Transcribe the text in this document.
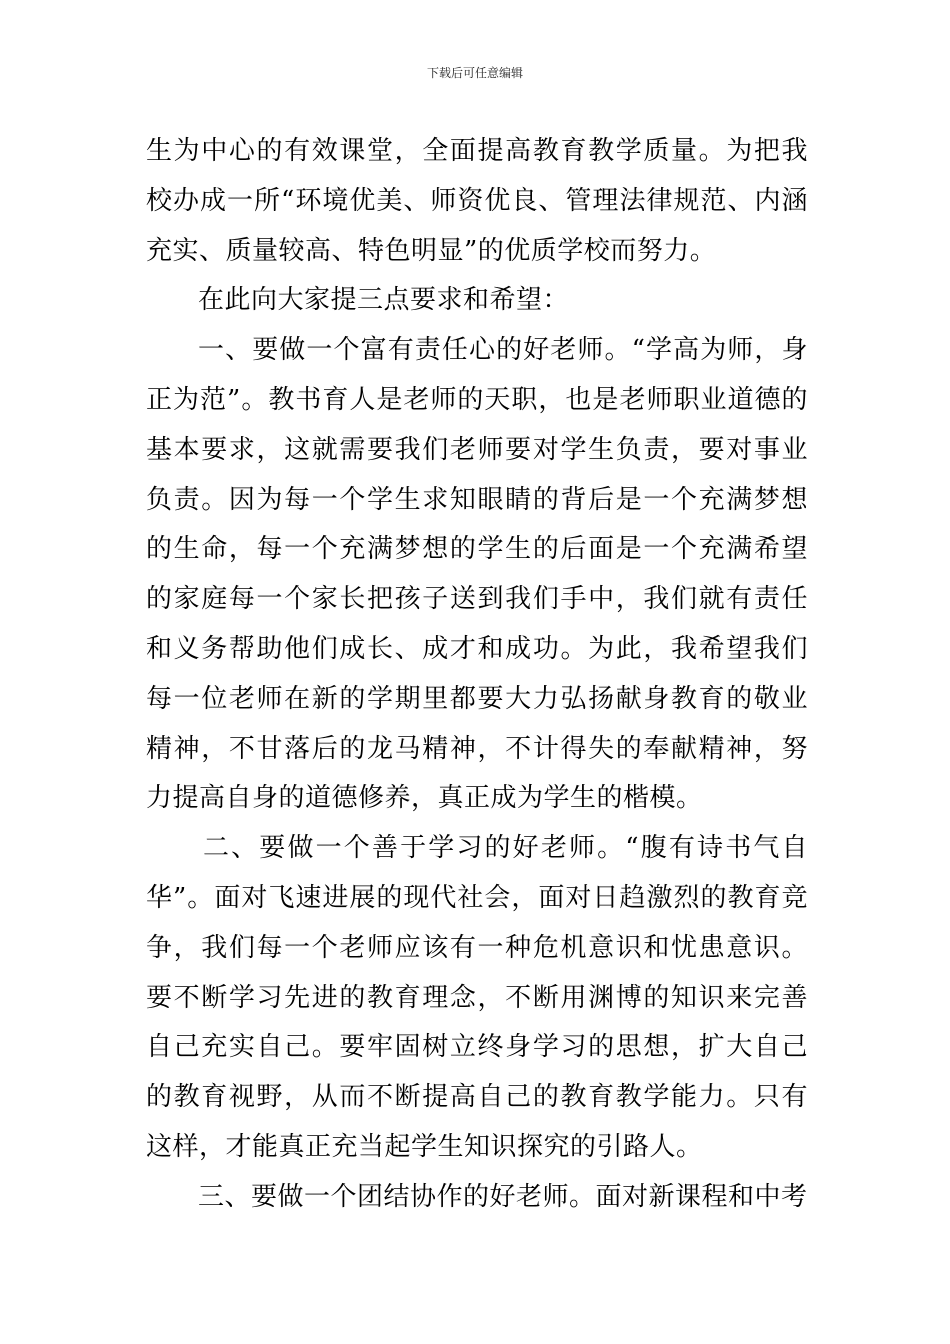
下载后可任意编辑

生为中心的有效课堂，全面提高教育教学质量。为把我校办成一所“环境优美、师资优良、管理法律规范、内涵充实、质量较高、特色明显”的优质学校而努力。

在此向大家提三点要求和希望：

一、要做一个富有责任心的好老师。“学高为师，身正为范”。教书育人是老师的天职，也是老师职业道德的基本要求，这就需要我们老师要对学生负责，要对事业负责。因为每一个学生求知眼睛的背后是一个充满梦想的生命，每一个充满梦想的学生的后面是一个充满希望的家庭每一个家长把孩子送到我们手中，我们就有责任和义务帮助他们成长、成才和成功。为此，我希望我们每一位老师在新的学期里都要大力弘扬献身教育的敬业精神，不甘落后的龙马精神，不计得失的奉献精神，努力提高自身的道德修养，真正成为学生的楷模。

二、要做一个善于学习的好老师。“腹有诗书气自华”。面对飞速进展的现代社会，面对日趋激烈的教育竞争，我们每一个老师应该有一种危机意识和忧患意识。要不断学习先进的教育理念，不断用渊博的知识来完善自己充实自己。要牢固树立终身学习的思想，扩大自己的教育视野，从而不断提高自己的教育教学能力。只有这样，才能真正充当起学生知识探究的引路人。

三、要做一个团结协作的好老师。面对新课程和中考
